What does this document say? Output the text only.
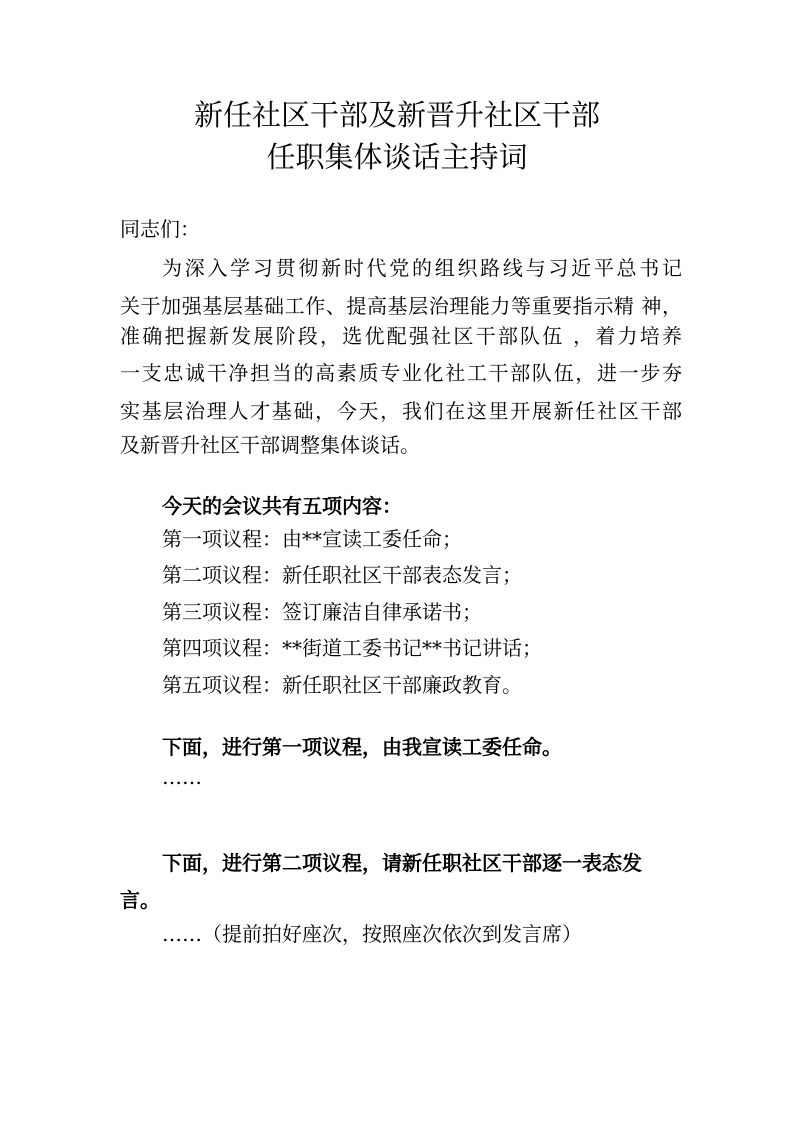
新任社区干部及新晋升社区干部
任职集体谈话主持词
同志们：
为深入学习贯彻新时代党的组织路线与习近平总书记
关于加强基层基础工作、提高基层治理能力等重要指示精 神，
准确把握新发展阶段，选优配强社区干部队伍 ，着力培养
一支忠诚干净担当的高素质专业化社工干部队伍，进一步夯
实基层治理人才基础，今天，我们在这里开展新任社区干部
及新晋升社区干部调整集体谈话。
今天的会议共有五项内容：
第一项议程：由**宣读工委任命；
第二项议程：新任职社区干部表态发言；
第三项议程：签订廉洁自律承诺书；
第四项议程：**街道工委书记**书记讲话；
第五项议程：新任职社区干部廉政教育。
下面，进行第一项议程，由我宣读工委任命。
……
下面，进行第二项议程，请新任职社区干部逐一表态发
言。
……（提前拍好座次，按照座次依次到发言席）
